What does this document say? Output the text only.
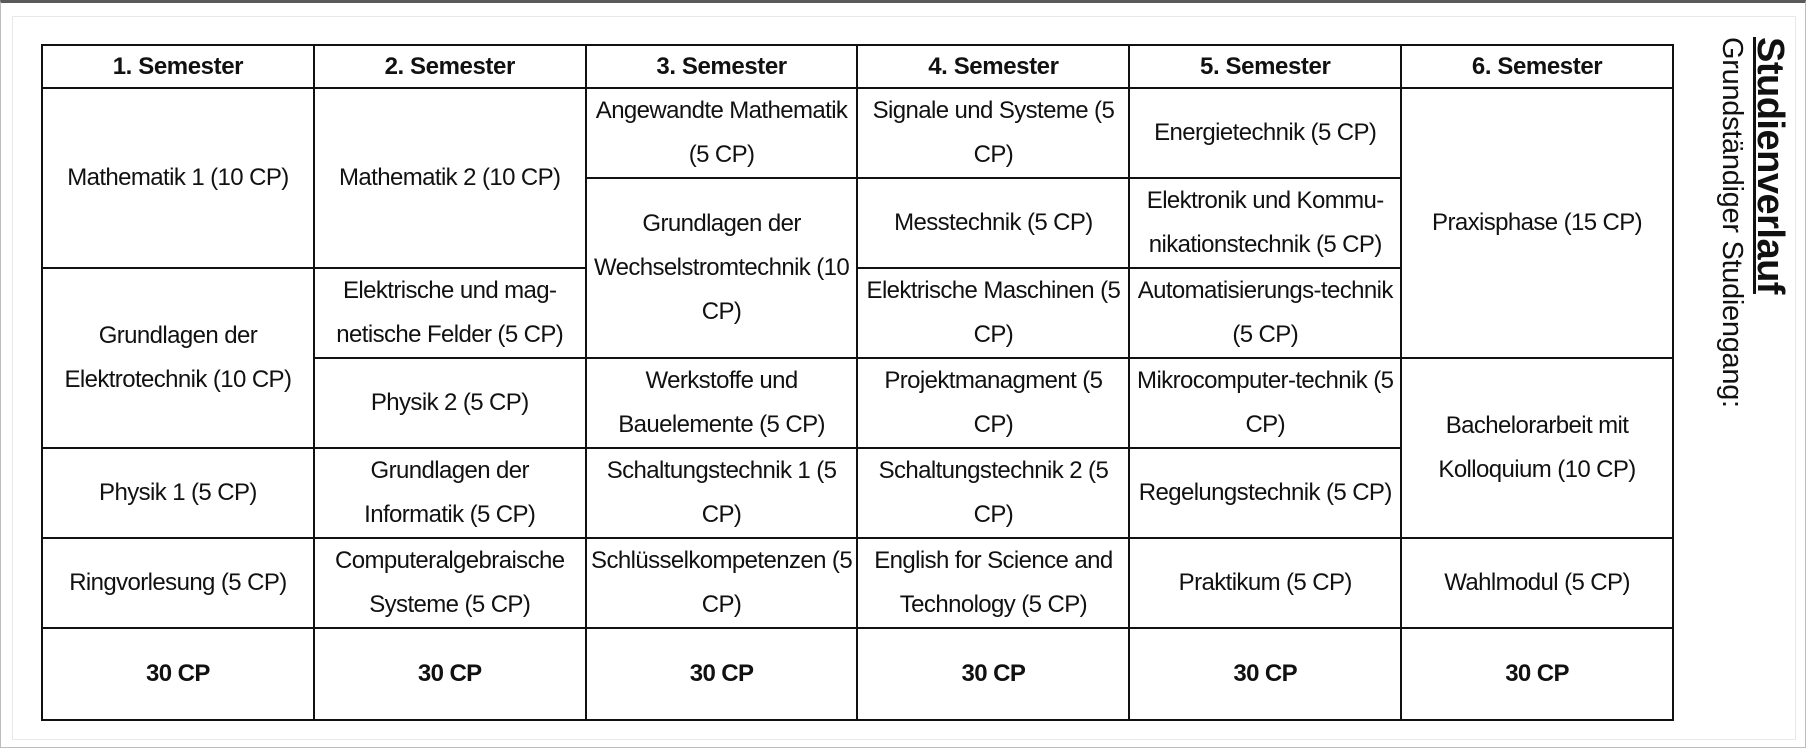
1. Semester	2. Semester	3. Semester	4. Semester	5. Semester	6. Semester
Mathematik 1 (10 CP)	Mathematik 2 (10 CP)	Angewandte Mathematik (5 CP)	Signale und Systeme (5 CP)	Energietechnik (5 CP)	Praxisphase (15 CP)
		Grundlagen der Wechselstromtechnik (10 CP)	Messtechnik (5 CP)	Elektronik und Kommu-nikationstechnik (5 CP)	
Grundlagen der Elektrotechnik (10 CP)	Elektrische und mag-netische Felder (5 CP)		Elektrische Maschinen (5 CP)	Automatisierungs-technik (5 CP)	
	Physik 2 (5 CP)	Werkstoffe und Bauelemente (5 CP)	Projektmanagment (5 CP)	Mikrocomputer-technik (5 CP)	Bachelorarbeit mit Kolloquium (10 CP)
Physik 1 (5 CP)	Grundlagen der Informatik (5 CP)	Schaltungstechnik 1 (5 CP)	Schaltungstechnik 2 (5 CP)	Regelungstechnik (5 CP)	
Ringvorlesung (5 CP)	Computeralgebraische Systeme (5 CP)	Schlüsselkompetenzen (5 CP)	English for Science and Technology (5 CP)	Praktikum (5 CP)	Wahlmodul (5 CP)
30 CP	30 CP	30 CP	30 CP	30 CP	30 CP
Studienverlauf
Grundständiger Studiengang:
